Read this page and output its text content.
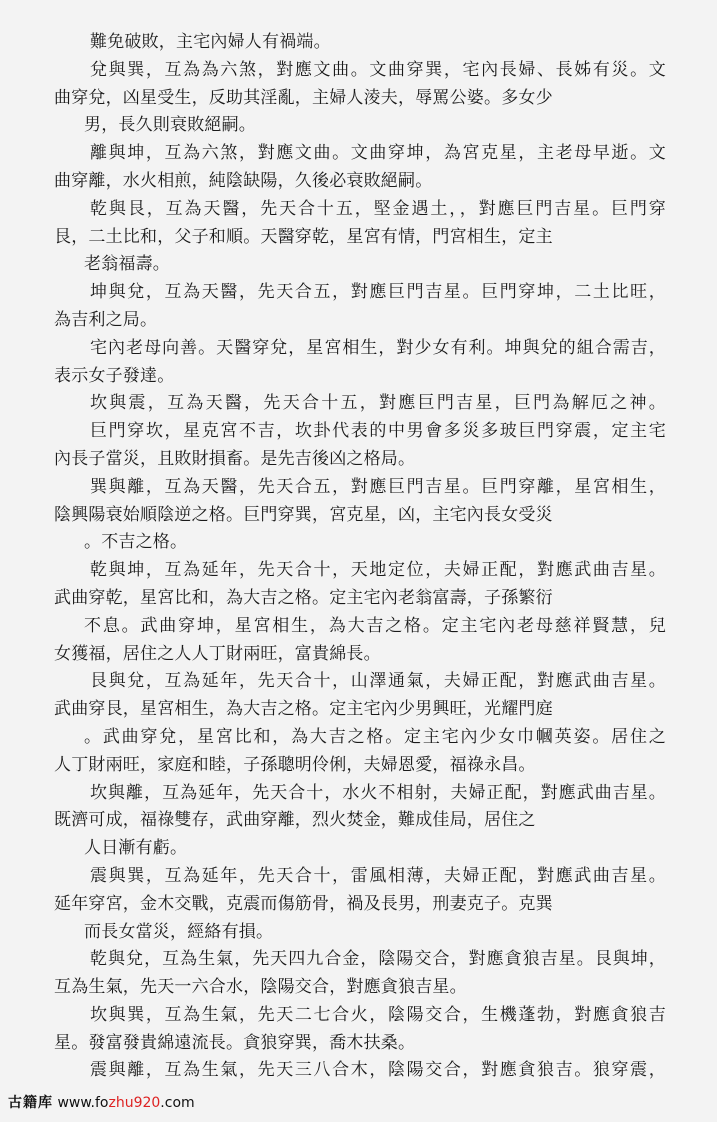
難免破敗，主宅內婦人有禍端。
兌與巽，互為為六煞，對應文曲。文曲穿巽，宅內長婦、長姊有災。文
曲穿兌，凶星受生，反助其淫亂，主婦人淩夫，辱罵公婆。多女少
男，長久則衰敗絕嗣。
離與坤，互為六煞，對應文曲。文曲穿坤，為宮克星，主老母早逝。文
曲穿離，水火相煎，純陰缺陽，久後必衰敗絕嗣。
乾與艮，互為天醫，先天合十五，堅金遇土，，對應巨門吉星。巨門穿
艮，二土比和，父子和順。天醫穿乾，星宮有情，門宮相生，定主
老翁福壽。
坤與兌，互為天醫，先天合五，對應巨門吉星。巨門穿坤，二土比旺，
為吉利之局。
宅內老母向善。天醫穿兌，星宮相生，對少女有利。坤與兌的組合需吉，
表示女子發達。
坎與震，互為天醫，先天合十五，對應巨門吉星，巨門為解厄之神。
巨門穿坎，星克宮不吉，坎卦代表的中男會多災多玻巨門穿震，定主宅
內長子當災，且敗財損畜。是先吉後凶之格局。
巽與離，互為天醫，先天合五，對應巨門吉星。巨門穿離，星宮相生，
陰興陽衰始順陰逆之格。巨門穿巽，宮克星，凶，主宅內長女受災
。不吉之格。
乾與坤，互為延年，先天合十，天地定位，夫婦正配，對應武曲吉星。
武曲穿乾，星宮比和，為大吉之格。定主宅內老翁富壽，子孫繁衍
不息。武曲穿坤，星宮相生，為大吉之格。定主宅內老母慈祥賢慧，兒
女獲福，居住之人人丁財兩旺，富貴綿長。
艮與兌，互為延年，先天合十，山澤通氣，夫婦正配，對應武曲吉星。
武曲穿艮，星宮相生，為大吉之格。定主宅內少男興旺，光耀門庭
。武曲穿兌，星宮比和，為大吉之格。定主宅內少女巾幗英姿。居住之
人丁財兩旺，家庭和睦，子孫聰明伶俐，夫婦恩愛，福祿永昌。
坎與離，互為延年，先天合十，水火不相射，夫婦正配，對應武曲吉星。
既濟可成，福祿雙存，武曲穿離，烈火焚金，難成佳局，居住之
人日漸有虧。
震與巽，互為延年，先天合十，雷風相薄，夫婦正配，對應武曲吉星。
延年穿宮，金木交戰，克震而傷筋骨，禍及長男，刑妻克子。克巽
而長女當災，經絡有損。
乾與兌，互為生氣，先天四九合金，陰陽交合，對應貪狼吉星。艮與坤，
互為生氣，先天一六合水，陰陽交合，對應貪狼吉星。
坎與巽，互為生氣，先天二七合火，陰陽交合，生機蓬勃，對應貪狼吉
星。發富發貴綿遠流長。貪狼穿巽，喬木扶桑。
震與離，互為生氣，先天三八合木，陰陽交合，對應貪狼吉。狼穿震，
古籍库 www.fozhu920.com
